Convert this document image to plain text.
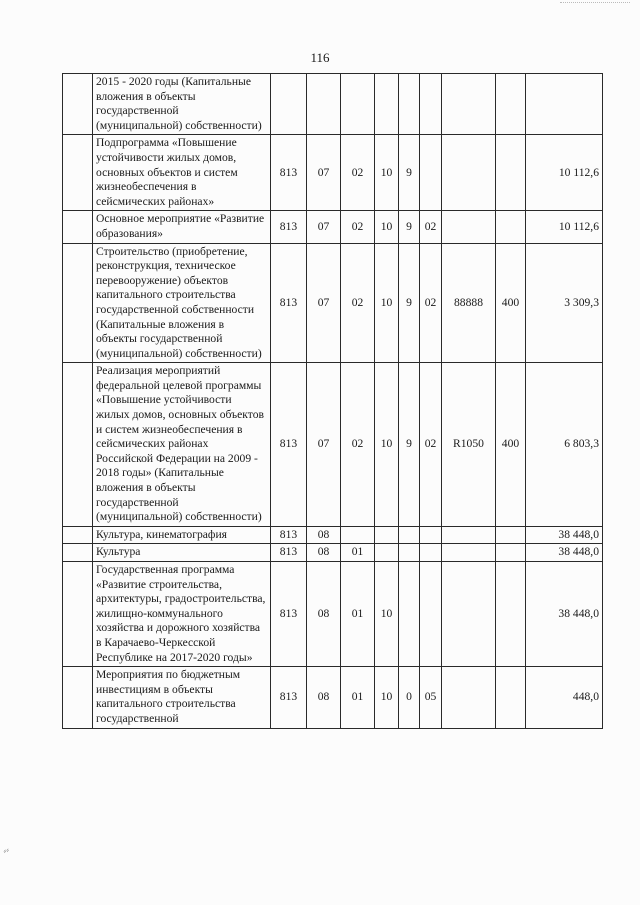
116
	2015 - 2020 годы (Капитальные вложения в объекты государственной (муниципальной) собственности)									
	Подпрограмма «Повышение устойчивости жилых домов, основных объектов и систем жизнеобеспечения в сейсмических районах»	813	07	02	10	9				10 112,6
	Основное мероприятие «Развитие образования»	813	07	02	10	9	02			10 112,6
	Строительство (приобретение, реконструкция, техническое перевооружение) объектов капитального строительства государственной собственности (Капитальные вложения в объекты государственной (муниципальной) собственности)	813	07	02	10	9	02	88888	400	3 309,3
	Реализация мероприятий федеральной целевой программы «Повышение устойчивости жилых домов, основных объектов и систем жизнеобеспечения в сейсмических районах Российской Федерации на 2009 - 2018 годы» (Капитальные вложения в объекты государственной (муниципальной) собственности)	813	07	02	10	9	02	R1050	400	6 803,3
	Культура, кинематография	813	08							38 448,0
	Культура	813	08	01						38 448,0
	Государственная программа «Развитие строительства, архитектуры, градостроительства, жилищно-коммунального хозяйства и дорожного хозяйства в Карачаево-Черкесской Республике на 2017-2020 годы»	813	08	01	10					38 448,0
	Мероприятия по бюджетным инвестициям в объекты капитального строительства государственной	813	08	01	10	0	05			448,0
⸗⸗
